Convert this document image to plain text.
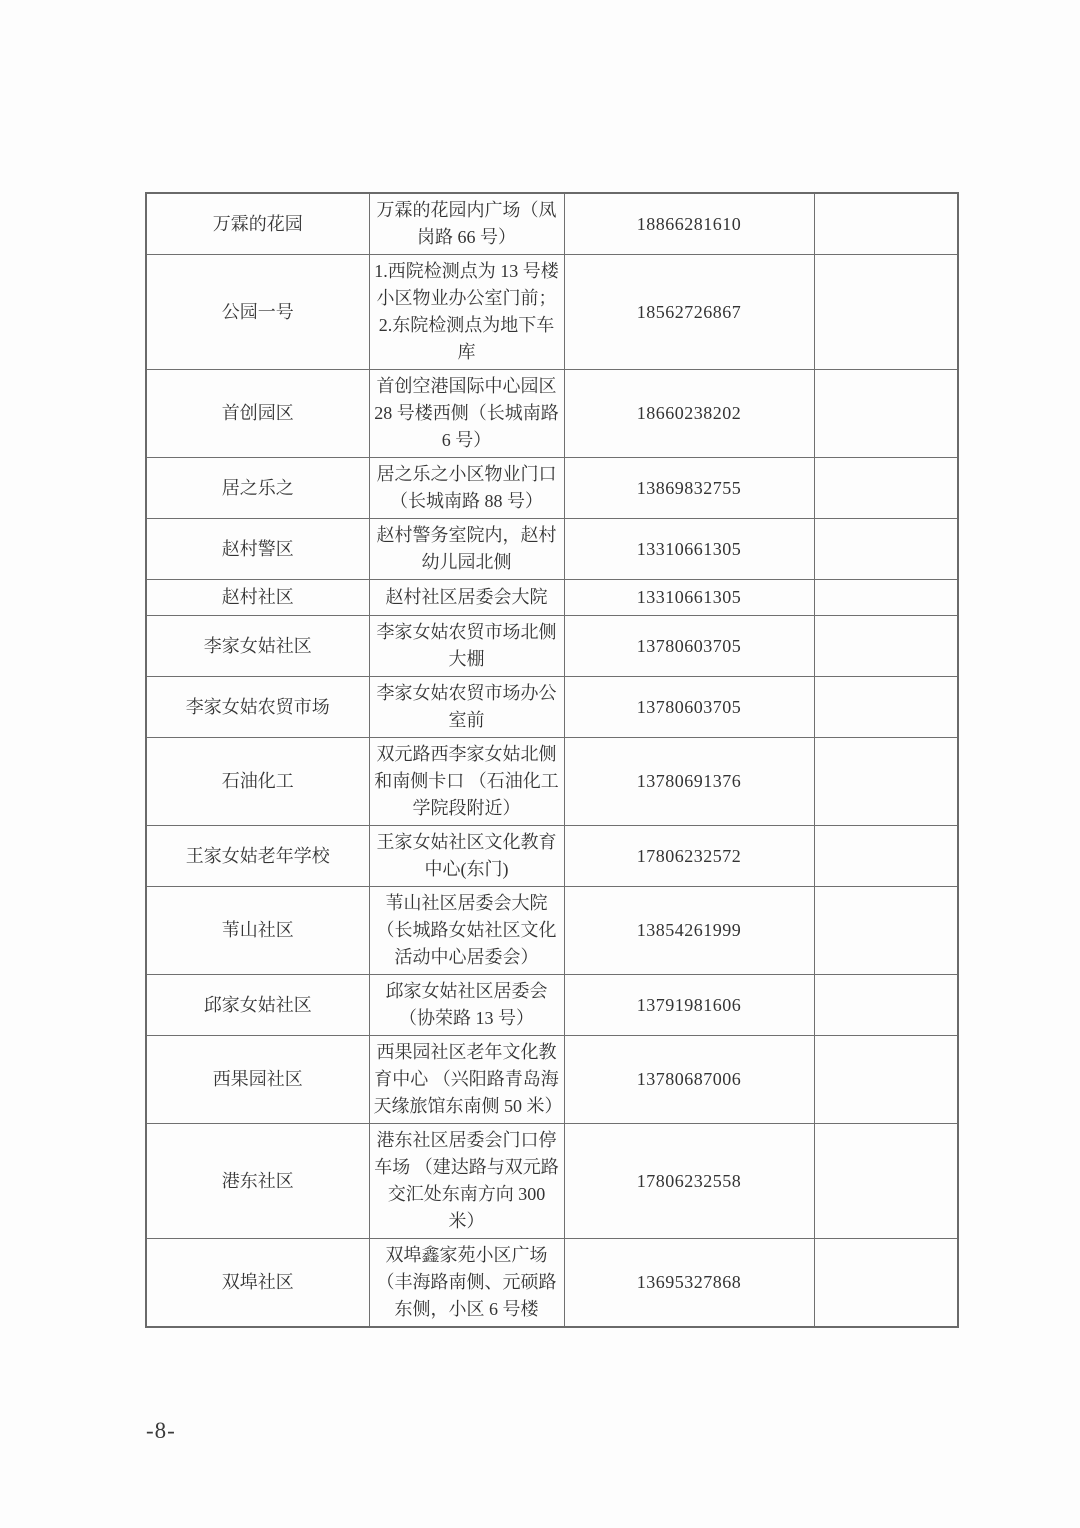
万霖的花园	万霖的花园内广场（凤岗路 66 号）	18866281610	
公园一号	1.西院检测点为 13 号楼小区物业办公室门前；2.东院检测点为地下车库	18562726867	
首创园区	首创空港国际中心园区 28 号楼西侧（长城南路 6 号）	18660238202	
居之乐之	居之乐之小区物业门口（长城南路 88 号）	13869832755	
赵村警区	赵村警务室院内，赵村幼儿园北侧	13310661305	
赵村社区	赵村社区居委会大院	13310661305	
李家女姑社区	李家女姑农贸市场北侧大棚	13780603705	
李家女姑农贸市场	李家女姑农贸市场办公室前	13780603705	
石油化工	双元路西李家女姑北侧和南侧卡口 （石油化工学院段附近）	13780691376	
王家女姑老年学校	王家女姑社区文化教育中心(东门)	17806232572	
苇山社区	苇山社区居委会大院（长城路女姑社区文化活动中心居委会）	13854261999	
邱家女姑社区	邱家女姑社区居委会（协荣路 13 号）	13791981606	
西果园社区	西果园社区老年文化教育中心 （兴阳路青岛海天缘旅馆东南侧 50 米）	13780687006	
港东社区	港东社区居委会门口停车场 （建达路与双元路交汇处东南方向 300 米）	17806232558	
双埠社区	双埠鑫家苑小区广场（丰海路南侧、元硕路东侧，小区 6 号楼	13695327868	
-8-
